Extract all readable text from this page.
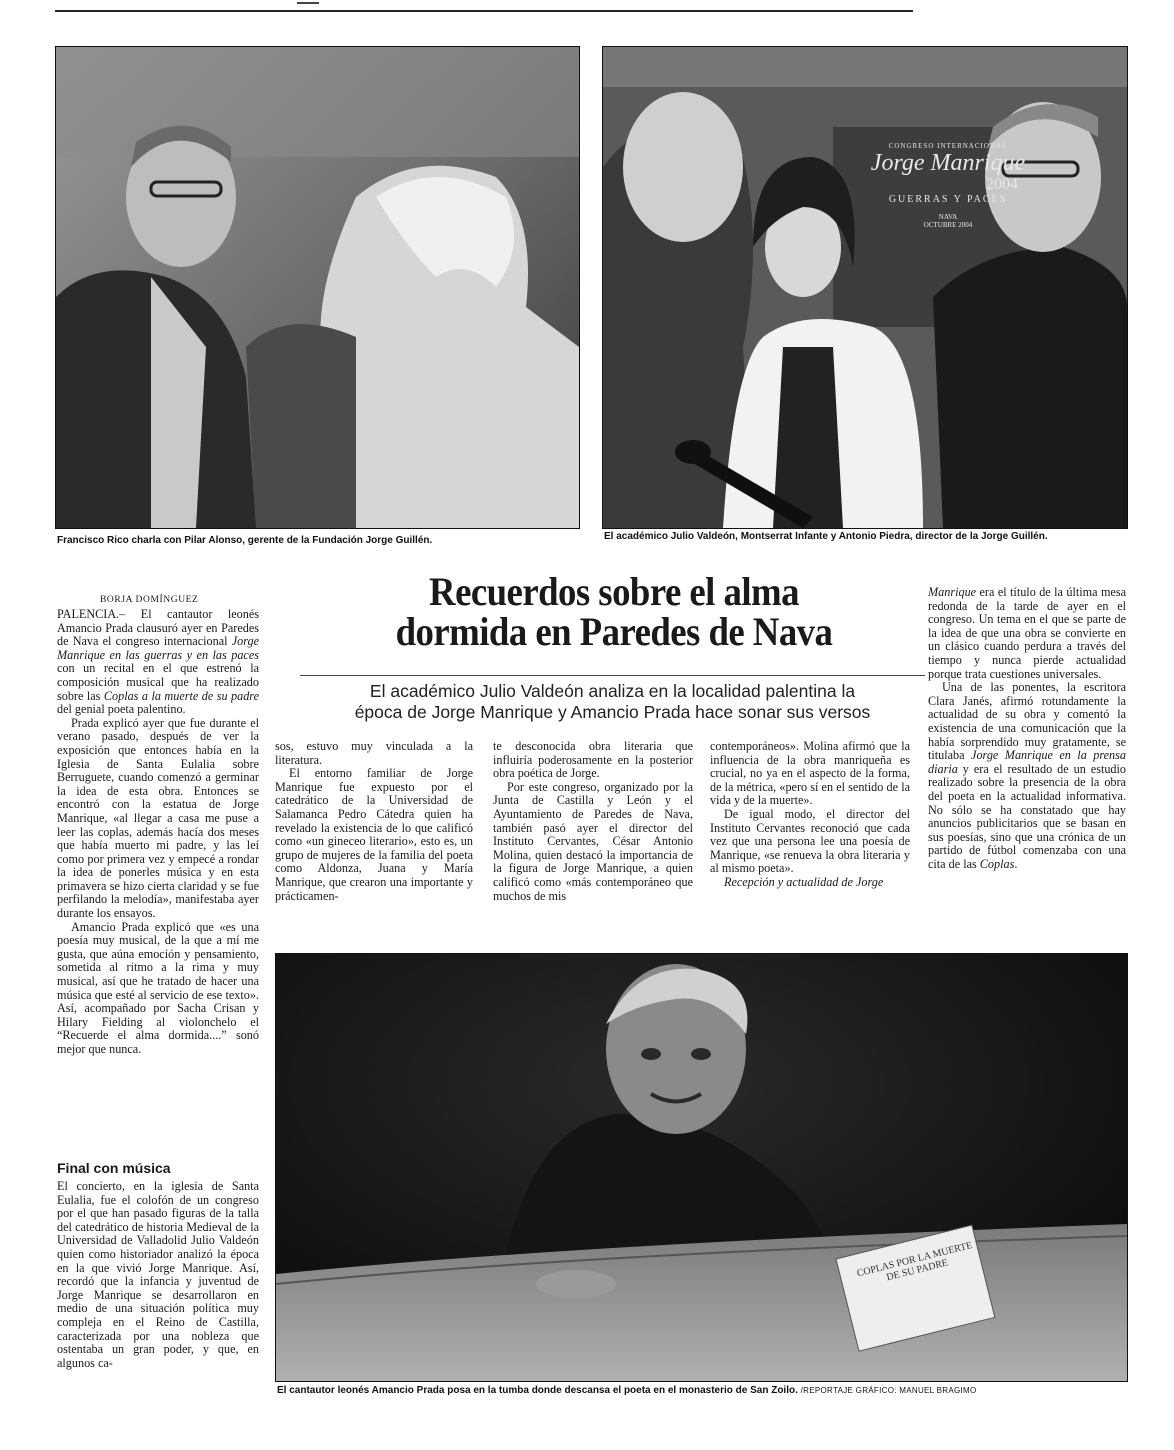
Francisco Rico charla con Pilar Alonso, gerente de la Fundación Jorge Guillén.
CONGRESO INTERNACIONAL
Jorge Manrique
2004
GUERRAS Y PACES
NAVA
OCTUBRE 2004
El académico Julio Valdeón, Montserrat Infante y Antonio Piedra, director de la Jorge Guillén.
BORJA DOMÍNGUEZ	Recuerdos sobre el alma
dormida en Paredes de Nava
El académico Julio Valdeón analiza en la localidad palentina la
época de Jorge Manrique y Amancio Prada hace sonar sus versos

PALENCIA.– El cantautor leonés Amancio Prada clausuró ayer en Paredes de Nava el congreso internacional Jorge Manrique en las guerras y en las paces con un recital en el que estrenó la composición musical que ha realizado sobre las Coplas a la muerte de su padre del genial poeta palentino.

Prada explicó ayer que fue durante el verano pasado, después de ver la exposición que entonces había en la Iglesia de Santa Eulalia sobre Berruguete, cuando comenzó a germinar la idea de esta obra. Entonces se encontró con la estatua de Jorge Manrique, «al llegar a casa me puse a leer las coplas, además hacía dos meses que había muerto mi padre, y las leí como por primera vez y empecé a rondar la idea de ponerles música y en esta primavera se hizo cierta claridad y se fue perfilando la melodía», manifestaba ayer durante los ensayos.

Amancio Prada explicó que «es una poesía muy musical, de la que a mí me gusta, que aúna emoción y pensamiento, sometida al ritmo a la rima y muy musical, así que he tratado de hacer una música que esté al servicio de ese texto». Así, acompañado por Sacha Crisan y Hilary Fielding al violonchelo el “Recuerde el alma dormida....” sonó mejor que nunca.

Final con música

El concierto, en la iglesia de Santa Eulalia, fue el colofón de un congreso por el que han pasado figuras de la talla del catedrático de historia Medieval de la Universidad de Valladolid Julio Valdeón quien como historiador analizó la época en la que vivió Jorge Manrique. Así, recordó que la infancia y juventud de Jorge Manrique se desarrollaron en medio de una situación política muy compleja en el Reino de Castilla, caracterizada por una nobleza que ostentaba un gran poder, y que, en algunos ca-

sos, estuvo muy vinculada a la literatura.

El entorno familiar de Jorge Manrique fue expuesto por el catedrático de la Universidad de Salamanca Pedro Cátedra quien ha revelado la existencia de lo que calificó como «un gineceo literario», esto es, un grupo de mujeres de la familia del poeta como Aldonza, Juana y María Manrique, que crearon una importante y prácticamen-

te desconocida obra literaria que influiría poderosamente en la posterior obra poética de Jorge.

Por este congreso, organizado por la Junta de Castilla y León y el Ayuntamiento de Paredes de Nava, también pasó ayer el director del Instituto Cervantes, César Antonio Molina, quien destacó la importancia de la figura de Jorge Manrique, a quien calificó como «más contemporáneo que muchos de mis

contemporáneos». Molina afirmó que la influencia de la obra manriqueña es crucial, no ya en el aspecto de la forma, de la métrica, «pero sí en el sentido de la vida y de la muerte».

De igual modo, el director del Instituto Cervantes reconoció que cada vez que una persona lee una poesía de Manrique, «se renueva la obra literaria y al mismo poeta».

Recepción y actualidad de Jorge

Manrique era el título de la última mesa redonda de la tarde de ayer en el congreso. Un tema en el que se parte de la idea de que una obra se convierte en un clásico cuando perdura a través del tiempo y nunca pierde actualidad porque trata cuestiones universales.

Una de las ponentes, la escritora Clara Janés, afirmó rotundamente la actualidad de su obra y comentó la existencia de una comunicación que la había sorprendido muy gratamente, se titulaba Jorge Manrique en la prensa diaria y era el resultado de un estudio realizado sobre la presencia de la obra del poeta en la actualidad informativa. No sólo se ha constatado que hay anuncios publicitarios que se basan en sus poesías, sino que una crónica de un partido de fútbol comenzaba con una cita de las Coplas.

COPLAS POR LA MUERTE DE SU PADRE
El cantautor leonés Amancio Prada posa en la tumba donde descansa el poeta en el monasterio de San Zoilo. /REPORTAJE GRÁFICO: MANUEL BRAGIMO
